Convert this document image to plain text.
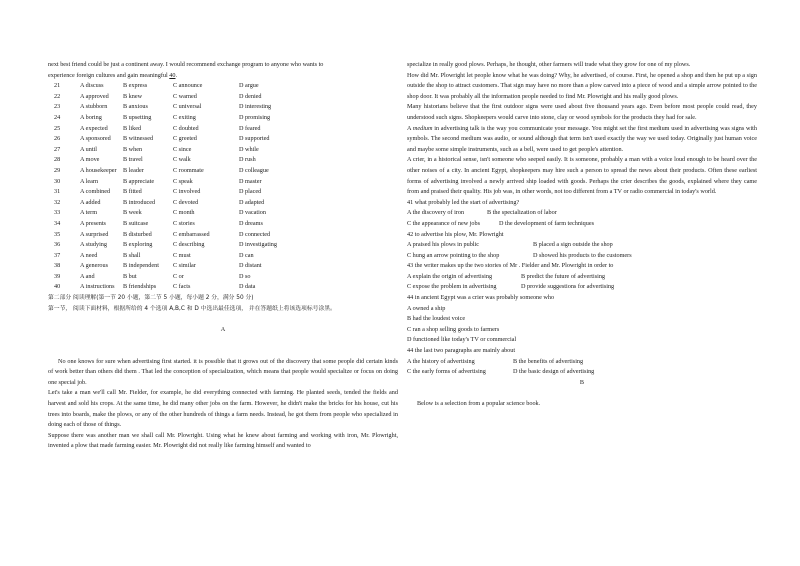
next best friend could be just a continent away. I would recommend exchange program to anyone who wants to

experience foreign cultures and gain meaningful 40.

21	A discuss	B express	C announce	D argue
22	A approved	B knew	C warned	D denied
23	A stubborn	B anxious	C universal	D interesting
24	A boring	B upsetting	C exiting	D promising
25	A expected	B liked	C doubted	D feared
26	A sponsored	B witnessed	C greeted	D supported
27	A until	B when	C since	D while
28	A move	B travel	C walk	D rush
29	A housekeeper	B leader	C roommate	D colleague
30	A learn	B appreciate	C speak	D master
31	A combined	B fitted	C involved	D placed
32	A added	B introduced	C devoted	D adapted
33	A term	B week	C month	D vacation
34	A presents	B suitcase	C stories	D dreams
35	A surprised	B disturbed	C embarrassed	D connected
36	A studying	B exploring	C describing	D investigating
37	A need	B shall	C must	D can
38	A generous	B independent	C similar	D distant
39	A and	B but	C or	D so
40	A instructions	B friendships	C facts	D data

第二部分 阅读理解(第一节 20 小题，第二节 5 小题，每小题 2 分，满分 50 分)

第一节， 阅读下面材料，根据所给的 4 个选项 A,B,C 和 D 中选出最佳选项， 并在答题纸上将该选项标号涂黑。

A

No one knows for sure when advertising first started. it is possible that it grows out of the discovery that some people did certain kinds of work better than others did them . That led the conception of specialization, which means that people would specialize or focus on doing one special job.

Let's take a man we'll call Mr. Fielder, for example, he did everything connected with farming. He planted seeds, tended the fields and harvest and sold his crops. At the same time, he did many other jobs on the farm. However, he didn't make the bricks for his house, cut his trees into boards, make the plows, or any of the other hundreds of things a farm needs. Instead, he got them from people who specialized in doing each of those of things.

Suppose there was another man we shall call Mr. Plowright. Using what he knew about farming and working with iron, Mr. Plowright, invented a plow that made farming easier. Mr. Plowright did not really like farming himself and wanted to

specialize in really good plows. Perhaps, he thought, other farmers will trade what they grow for one of my plows.

How did Mr. Plowright let people know what he was doing? Why, he advertised, of course. First, he opened a shop and then he put up a sign outside the shop to attract customers. That sign may have no more than a plow carved into a piece of wood and a simple arrow pointed to the shop door. It was probably all the information people needed to find Mr. Plowright and his really good plows.

Many historians believe that the first outdoor signs were used about five thousand years ago. Even before most people could read, they understood such signs. Shopkeepers would carve into stone, clay or wood symbols for the products they had for sale.

A medium in advertising talk is the way you communicate your message. You might set the first medium used in advertising was signs with symbols. The second medium was audio, or sound although that term isn't used exactly the way we used today. Originally just human voice and maybe some simple instruments, such as a bell, were used to get people's attention.

A crier, in a historical sense, isn't someone who seeped easily. It is someone, probably a man with a voice loud enough to be heard over the other noises of a city. In ancient Egypt, shopkeepers may hire such a person to spread the news about their products. Often these earliest forms of advertising involved a newly arrived ship loaded with goods. Perhaps the crier describes the goods, explained where they came from and praised their quality. His job was, in other words, not too different from a TV or radio commercial in today's world.

41 what probably led the start of advertising?

A the discovery of iron	B the specialization of labor

C the appearance of new jobs	D the development of farm techniques

42 to advertise his plow, Mr. Plowright

A praised his plows in public	B placed a sign outside the shop

C hung an arrow pointing to the shop	D showed his products to the customers

43 the writer makes up the two stories of Mr . Fielder and Mr. Plowright in order to

A explain the origin of advertising	B predict the future of advertising

C expose the problem in advertising	D provide suggestions for advertising

44 in ancient Egypt was a crier was probably someone who

A owned a ship

B had the loudest voice

C ran a shop selling goods to farmers

D functioned like today's TV or commercial

44 the last two paragraphs are mainly about

A the history of advertising	B the benefits of advertising

C the early forms of advertising	D the basic design of advertising

B

Below is a selection from a popular science book.
